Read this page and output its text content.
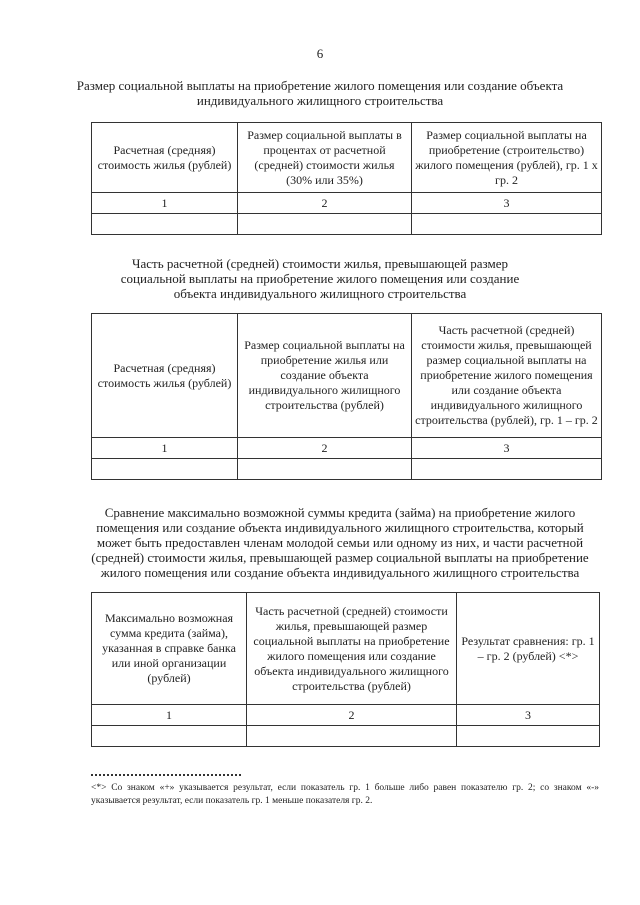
6
Размер социальной выплаты на приобретение жилого помещения или создание объекта индивидуального жилищного строительства
Расчетная (средняя) стоимость жилья (рублей)	Размер социальной выплаты в процентах от расчетной (средней) стоимости жилья (30% или 35%)	Размер социальной выплаты на приобретение (строительство) жилого помещения (рублей), гр. 1 х гр. 2
1	2	3

Часть расчетной (средней) стоимости жилья, превышающей размер социальной выплаты на приобретение жилого помещения или создание объекта индивидуального жилищного строительства
Расчетная (средняя) стоимость жилья (рублей)	Размер социальной выплаты на приобретение жилья или создание объекта индивидуального жилищного строительства (рублей)	Часть расчетной (средней) стоимости жилья, превышающей размер социальной выплаты на приобретение жилого помещения или создание объекта индивидуального жилищного строительства (рублей), гр. 1 – гр. 2
1	2	3

Сравнение максимально возможной суммы кредита (займа) на приобретение жилого помещения или создание объекта индивидуального жилищного строительства, который может быть предоставлен членам молодой семьи или одному из них, и части расчетной (средней) стоимости жилья, превышающей размер социальной выплаты на приобретение жилого помещения или создание объекта индивидуального жилищного строительства
Максимально возможная сумма кредита (займа), указанная в справке банка или иной организации (рублей)	Часть расчетной (средней) стоимости жилья, превышающей размер социальной выплаты на приобретение жилого помещения или создание объекта индивидуального жилищного строительства (рублей)	Результат сравнения: гр. 1 – гр. 2 (рублей) <*>
1	2	3

<*> Со знаком «+» указывается результат, если показатель гр. 1 больше либо равен показателю гр. 2; со знаком «-» указывается результат, если показатель гр. 1 меньше показателя гр. 2.
